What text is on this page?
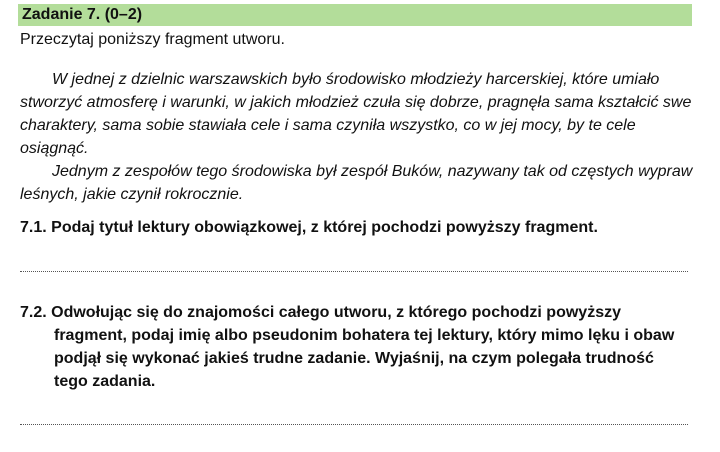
Zadanie 7. (0–2)
Przeczytaj poniższy fragment utworu.

W jednej z dzielnic warszawskich było środowisko młodzieży harcerskiej, które umiało stworzyć atmosferę i warunki, w jakich młodzież czuła się dobrze, pragnęła sama kształcić swe charaktery, sama sobie stawiała cele i sama czyniła wszystko, co w jej mocy, by te cele osiągnąć.

Jednym z zespołów tego środowiska był zespół Buków, nazywany tak od częstych wypraw leśnych, jakie czynił rokrocznie.

7.1. Podaj tytuł lektury obowiązkowej, z której pochodzi powyższy fragment.
7.2. Odwołując się do znajomości całego utworu, z którego pochodzi powyższy fragment, podaj imię albo pseudonim bohatera tej lektury, który mimo lęku i obaw podjął się wykonać jakieś trudne zadanie. Wyjaśnij, na czym polegała trudność tego zadania.
